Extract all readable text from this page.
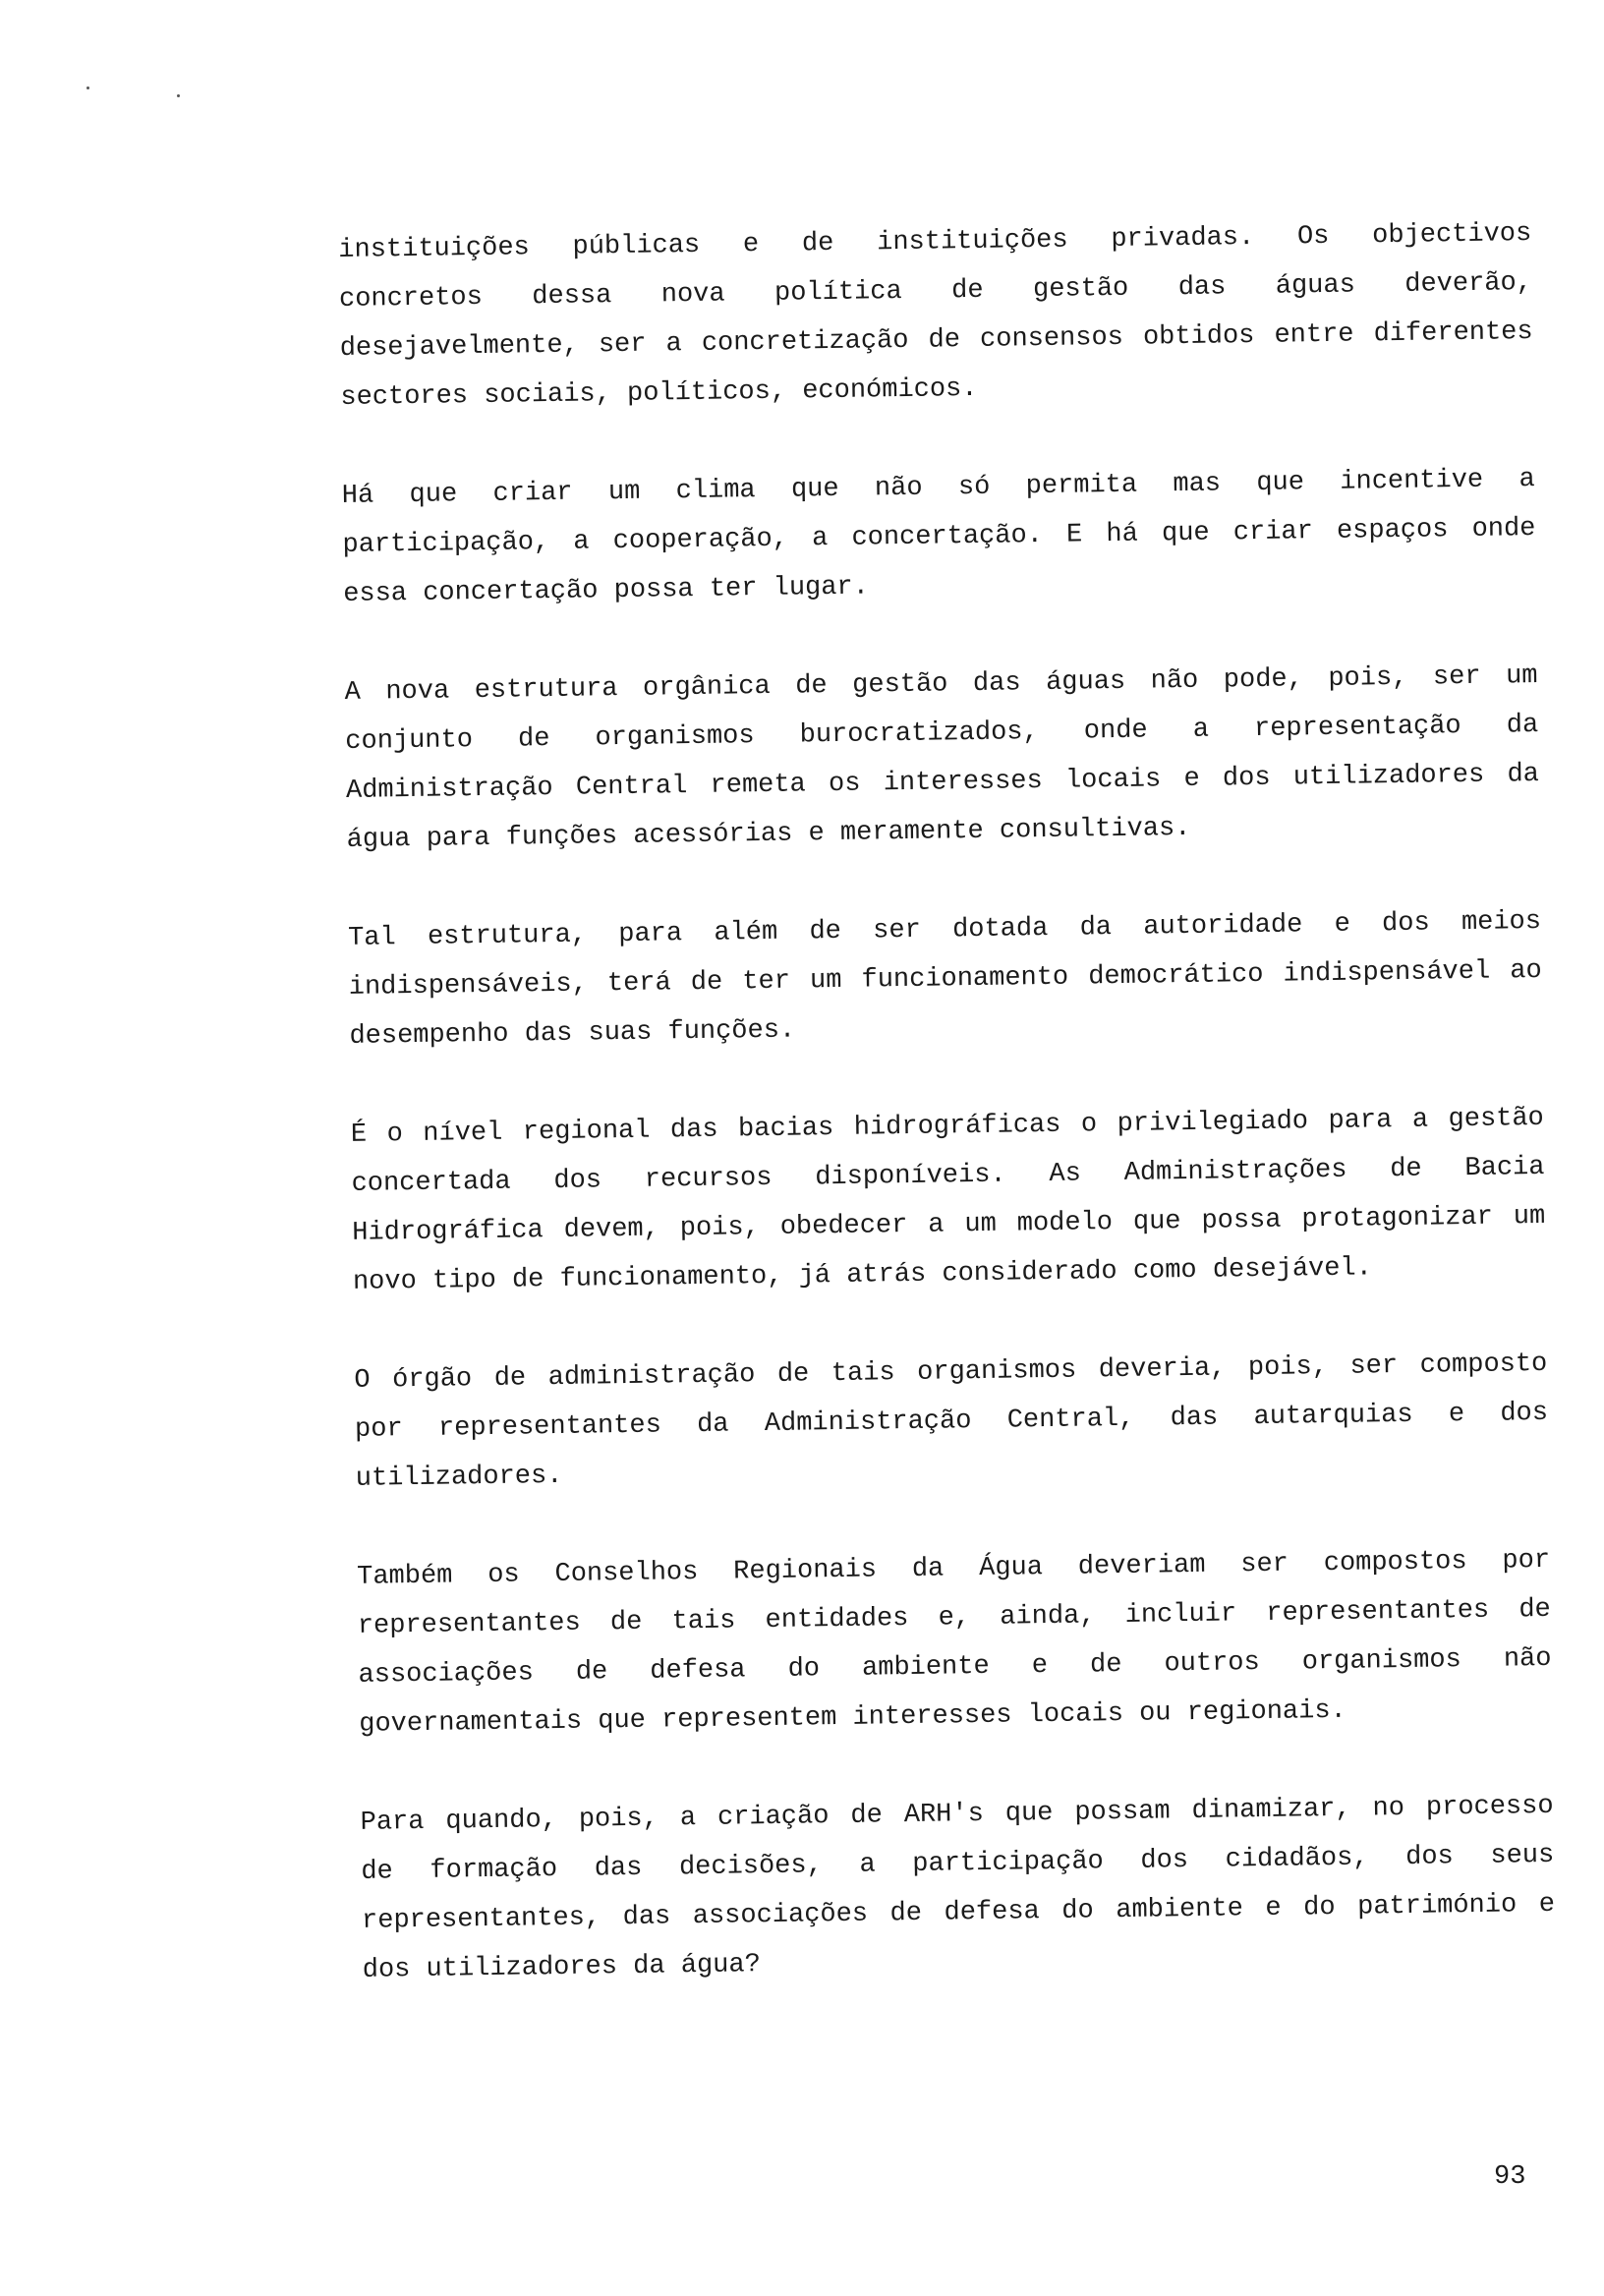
instituições públicas e de instituições privadas. Os objectivos
concretos dessa nova política de gestão das águas deverão,
desejavelmente, ser a concretização de consensos obtidos entre diferentes
sectores sociais, políticos, económicos.
Há que criar um clima que não só permita mas que incentive a
participação, a cooperação, a concertação. E há que criar espaços onde
essa concertação possa ter lugar.
A nova estrutura orgânica de gestão das águas não pode, pois, ser um
conjunto de organismos burocratizados, onde a representação da
Administração Central remeta os interesses locais e dos utilizadores da
água para funções acessórias e meramente consultivas.
Tal estrutura, para além de ser dotada da autoridade e dos meios
indispensáveis, terá de ter um funcionamento democrático indispensável ao
desempenho das suas funções.
É o nível regional das bacias hidrográficas o privilegiado para a gestão
concertada dos recursos disponíveis. As Administrações de Bacia
Hidrográfica devem, pois, obedecer a um modelo que possa protagonizar um
novo tipo de funcionamento, já atrás considerado como desejável.
O órgão de administração de tais organismos deveria, pois, ser composto
por representantes da Administração Central, das autarquias e dos
utilizadores.
Também os Conselhos Regionais da Água deveriam ser compostos por
representantes de tais entidades e, ainda, incluir representantes de
associações de defesa do ambiente e de outros organismos não
governamentais que representem interesses locais ou regionais.
Para quando, pois, a criação de ARH's que possam dinamizar, no processo
de formação das decisões, a participação dos cidadãos, dos seus
representantes, das associações de defesa do ambiente e do património e
dos utilizadores da água?
93
